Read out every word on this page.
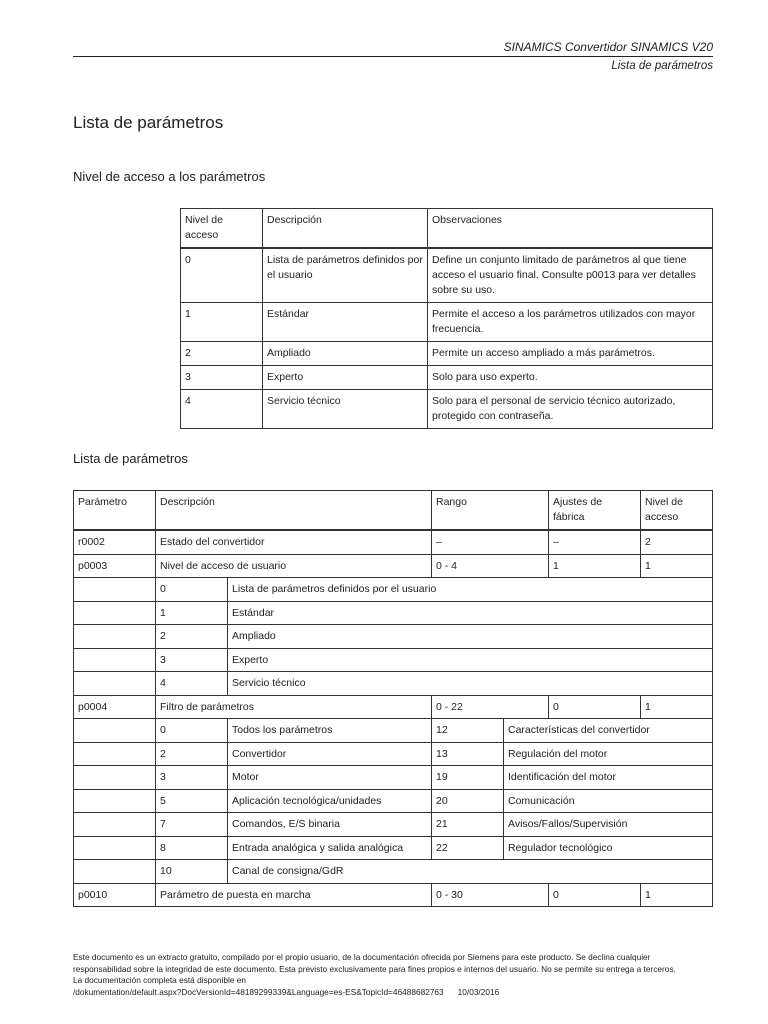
SINAMICS Convertidor SINAMICS V20
Lista de parámetros
Lista de parámetros
Nivel de acceso a los parámetros
Nivel de acceso	Descripción	Observaciones
0	Lista de parámetros definidos por el usuario	Define un conjunto limitado de parámetros al que tiene acceso el usuario final. Consulte p0013 para ver detalles sobre su uso.
1	Estándar	Permite el acceso a los parámetros utilizados con mayor frecuencia.
2	Ampliado	Permite un acceso ampliado a más parámetros.
3	Experto	Solo para uso experto.
4	Servicio técnico	Solo para el personal de servicio técnico autorizado, protegido con contraseña.
Lista de parámetros
Parámetro	Descripción		Rango		Ajustes de fábrica	Nivel de acceso
r0002	Estado del convertidor		–		–	2
p0003	Nivel de acceso de usuario		0 - 4		1	1
	0	Lista de parámetros definidos por el usuario				
	1	Estándar				
	2	Ampliado				
	3	Experto				
	4	Servicio técnico				
p0004	Filtro de parámetros		0 - 22		0	1
	0	Todos los parámetros	12	Características del convertidor		
	2	Convertidor	13	Regulación del motor		
	3	Motor	19	Identificación del motor		
	5	Aplicación tecnológica/unidades	20	Comunicación		
	7	Comandos, E/S binaria	21	Avisos/Fallos/Supervisión		
	8	Entrada analógica y salida analógica	22	Regulador tecnológico		
	10	Canal de consigna/GdR				
p0010	Parámetro de puesta en marcha		0 - 30		0	1
Este documento es un extracto gratuito, compilado por el propio usuario, de la documentación ofrecida por Siemens para este producto. Se declina cualquier
responsabilidad sobre la integridad de este documento. Esta previsto exclusivamente para fines propios e internos del usuario. No se permite su entrega a terceros.
La documentación completa está disponible en
/dokumentation/default.aspx?DocVersionId=48189299339&Language=es-ES&TopicId=46488682763 10/03/2016
